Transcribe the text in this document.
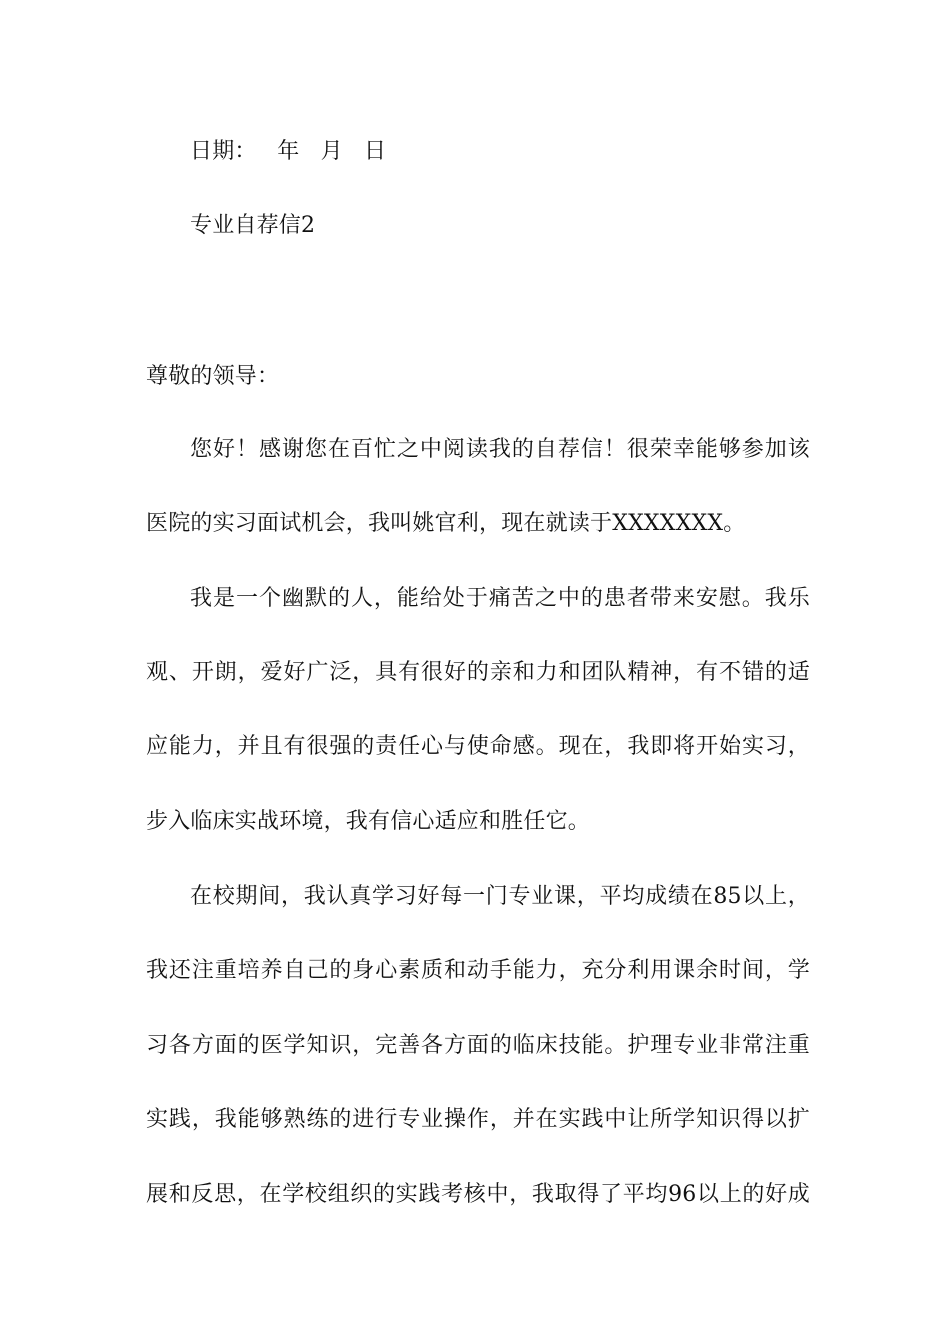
日期： 年 月 日
专业自荐信2
尊敬的领导：
您好！感谢您在百忙之中阅读我的自荐信！很荣幸能够参加该
医院的实习面试机会，我叫姚官利，现在就读于XXXXXXX。
我是一个幽默的人，能给处于痛苦之中的患者带来安慰。我乐
观、开朗，爱好广泛，具有很好的亲和力和团队精神，有不错的适
应能力，并且有很强的责任心与使命感。现在，我即将开始实习，
步入临床实战环境，我有信心适应和胜任它。
在校期间，我认真学习好每一门专业课，平均成绩在85以上，
我还注重培养自己的身心素质和动手能力，充分利用课余时间，学
习各方面的医学知识，完善各方面的临床技能。护理专业非常注重
实践，我能够熟练的进行专业操作，并在实践中让所学知识得以扩
展和反思，在学校组织的实践考核中，我取得了平均96以上的好成
